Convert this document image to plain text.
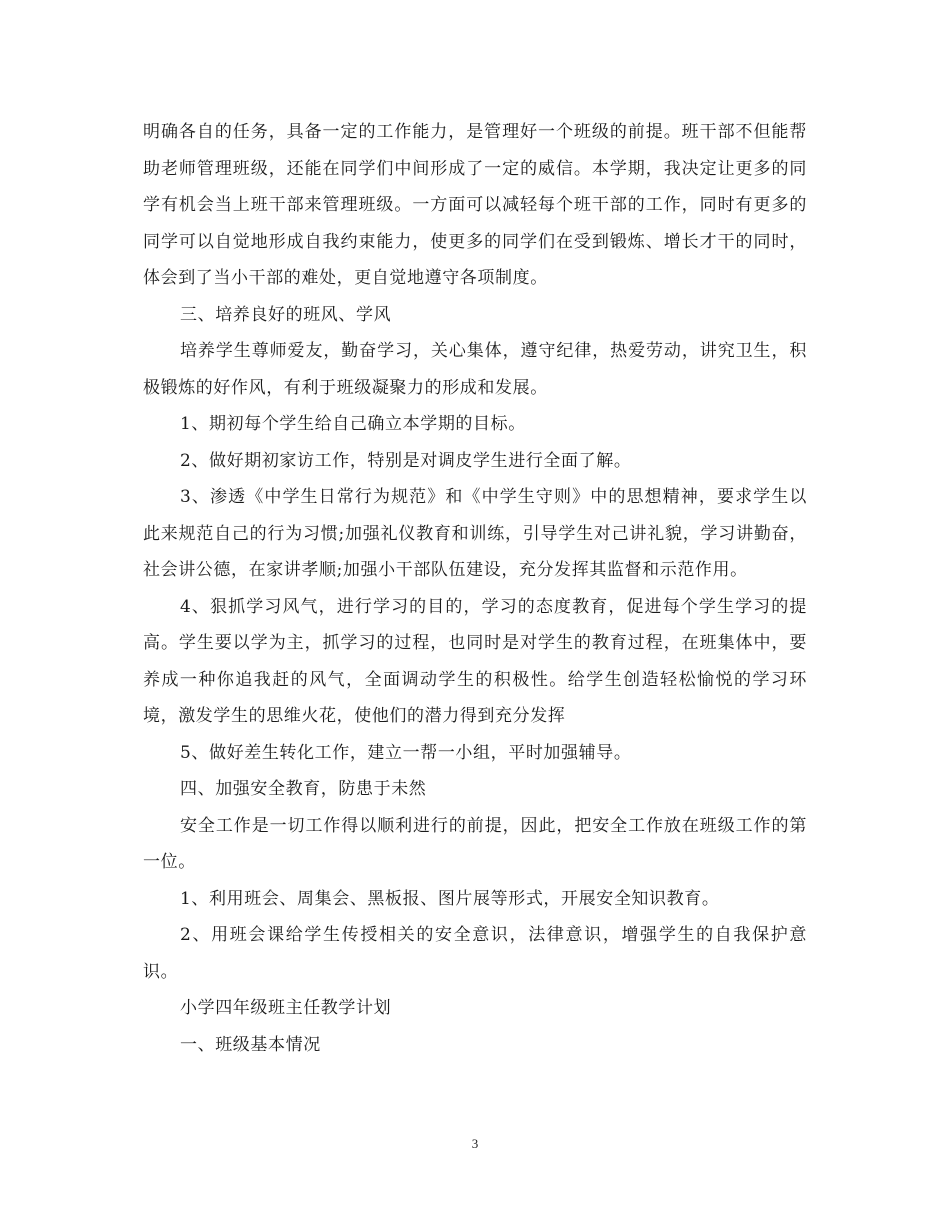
明确各自的任务，具备一定的工作能力，是管理好一个班级的前提。班干部不但能帮助老师管理班级，还能在同学们中间形成了一定的威信。本学期，我决定让更多的同学有机会当上班干部来管理班级。一方面可以减轻每个班干部的工作，同时有更多的同学可以自觉地形成自我约束能力，使更多的同学们在受到锻炼、增长才干的同时，体会到了当小干部的难处，更自觉地遵守各项制度。

三、培养良好的班风、学风

培养学生尊师爱友，勤奋学习，关心集体，遵守纪律，热爱劳动，讲究卫生，积极锻炼的好作风，有利于班级凝聚力的形成和发展。

1、期初每个学生给自己确立本学期的目标。

2、做好期初家访工作，特别是对调皮学生进行全面了解。

3、渗透《中学生日常行为规范》和《中学生守则》中的思想精神，要求学生以此来规范自己的行为习惯;加强礼仪教育和训练，引导学生对己讲礼貌，学习讲勤奋，社会讲公德，在家讲孝顺;加强小干部队伍建设，充分发挥其监督和示范作用。

4、狠抓学习风气，进行学习的目的，学习的态度教育，促进每个学生学习的提高。学生要以学为主，抓学习的过程，也同时是对学生的教育过程，在班集体中，要养成一种你追我赶的风气，全面调动学生的积极性。给学生创造轻松愉悦的学习环境，激发学生的思维火花，使他们的潜力得到充分发挥

5、做好差生转化工作，建立一帮一小组，平时加强辅导。

四、加强安全教育，防患于未然

安全工作是一切工作得以顺利进行的前提，因此，把安全工作放在班级工作的第一位。

1、利用班会、周集会、黑板报、图片展等形式，开展安全知识教育。

2、用班会课给学生传授相关的安全意识，法律意识，增强学生的自我保护意识。

小学四年级班主任教学计划

一、班级基本情况

3
